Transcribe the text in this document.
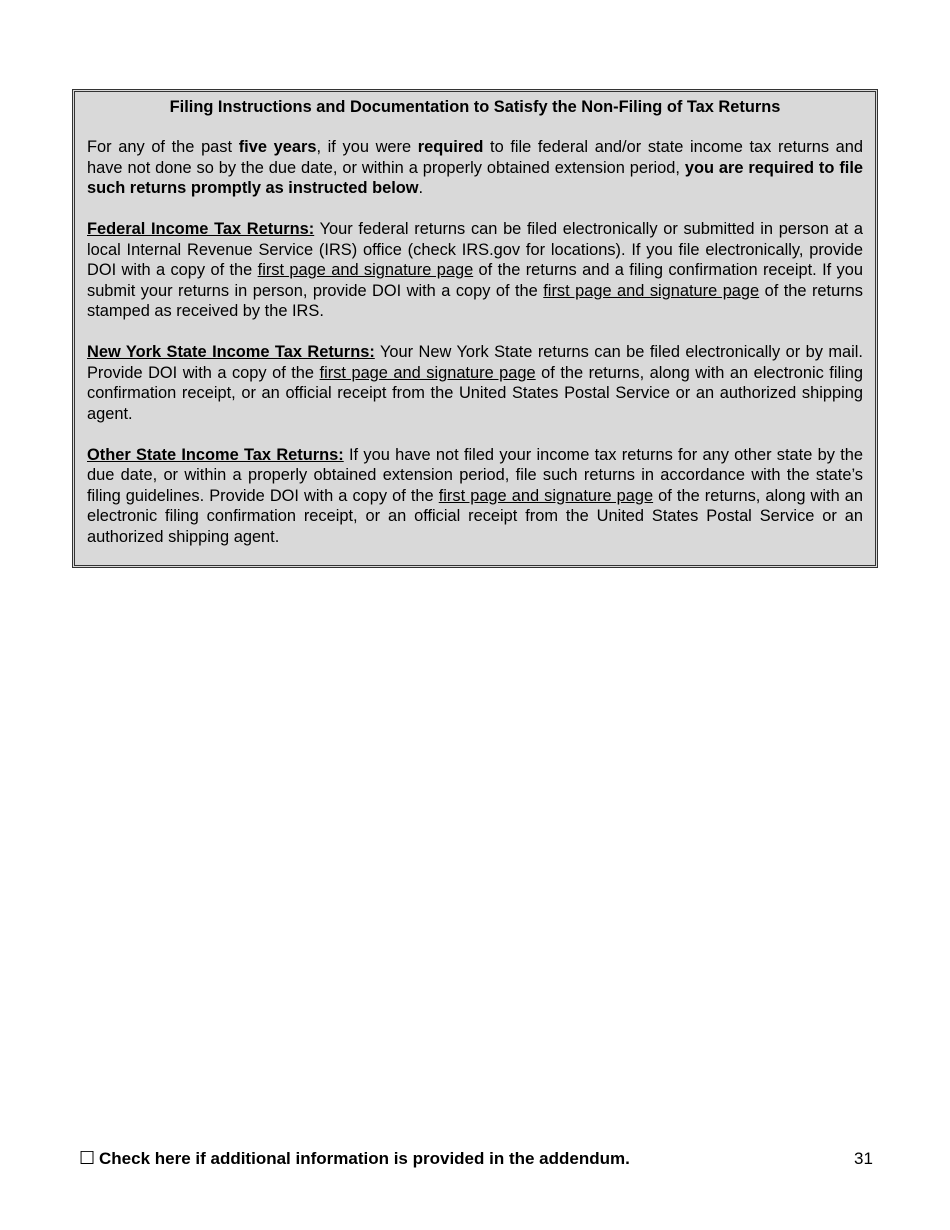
Filing Instructions and Documentation to Satisfy the Non-Filing of Tax Returns

For any of the past five years, if you were required to file federal and/or state income tax returns and have not done so by the due date, or within a properly obtained extension period, you are required to file such returns promptly as instructed below.

Federal Income Tax Returns: Your federal returns can be filed electronically or submitted in person at a local Internal Revenue Service (IRS) office (check IRS.gov for locations). If you file electronically, provide DOI with a copy of the first page and signature page of the returns and a filing confirmation receipt. If you submit your returns in person, provide DOI with a copy of the first page and signature page of the returns stamped as received by the IRS.

New York State Income Tax Returns: Your New York State returns can be filed electronically or by mail. Provide DOI with a copy of the first page and signature page of the returns, along with an electronic filing confirmation receipt, or an official receipt from the United States Postal Service or an authorized shipping agent.

Other State Income Tax Returns: If you have not filed your income tax returns for any other state by the due date, or within a properly obtained extension period, file such returns in accordance with the state’s filing guidelines. Provide DOI with a copy of the first page and signature page of the returns, along with an electronic filing confirmation receipt, or an official receipt from the United States Postal Service or an authorized shipping agent.

☐ Check here if additional information is provided in the addendum.	31
